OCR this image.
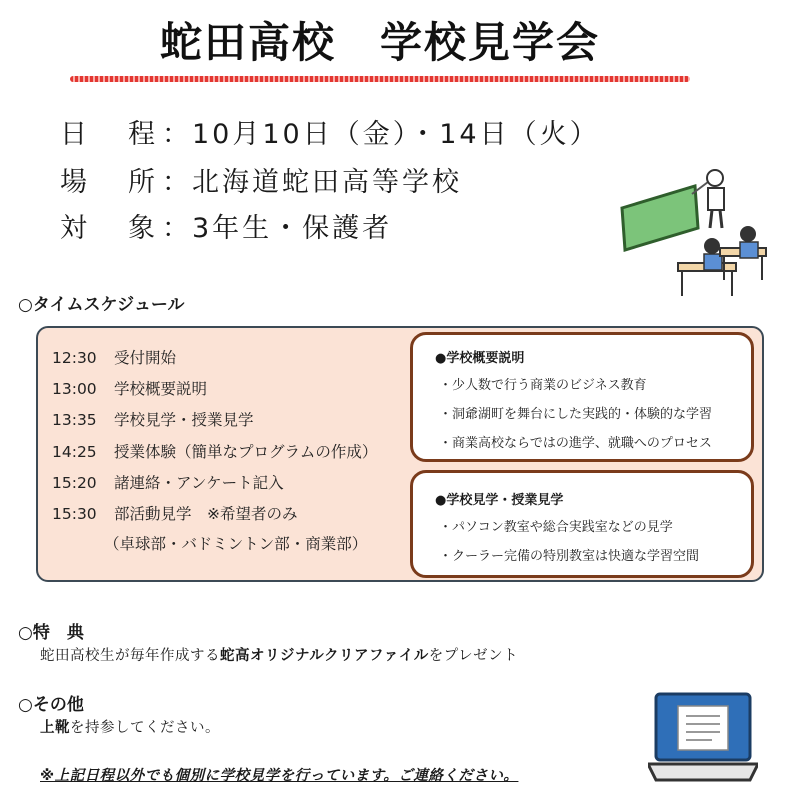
蛇田高校　学校見学会
日程 ：10月10日（金）・14日（火）
場所 ：北海道蛇田高等学校
対象 ：3年生・保護者
○タイムスケジュール
12:30 受付開始
13:00 学校概要説明
13:35 学校見学・授業見学
14:25 授業体験（簡単なプログラムの作成）
15:20 諸連絡・アンケート記入
15:30 部活動見学　※希望者のみ
（卓球部・バドミントン部・商業部）
●学校概要説明
・少人数で行う商業のビジネス教育
・洞爺湖町を舞台にした実践的・体験的な学習
・商業高校ならではの進学、就職へのプロセス
●学校見学・授業見学
・パソコン教室や総合実践室などの見学
・クーラー完備の特別教室は快適な学習空間
○特　典
蛇田高校生が毎年作成する蛇高オリジナルクリアファイルをプレゼント
○その他
上靴を持参してください。
※上記日程以外でも個別に学校見学を行っています。ご連絡ください。
